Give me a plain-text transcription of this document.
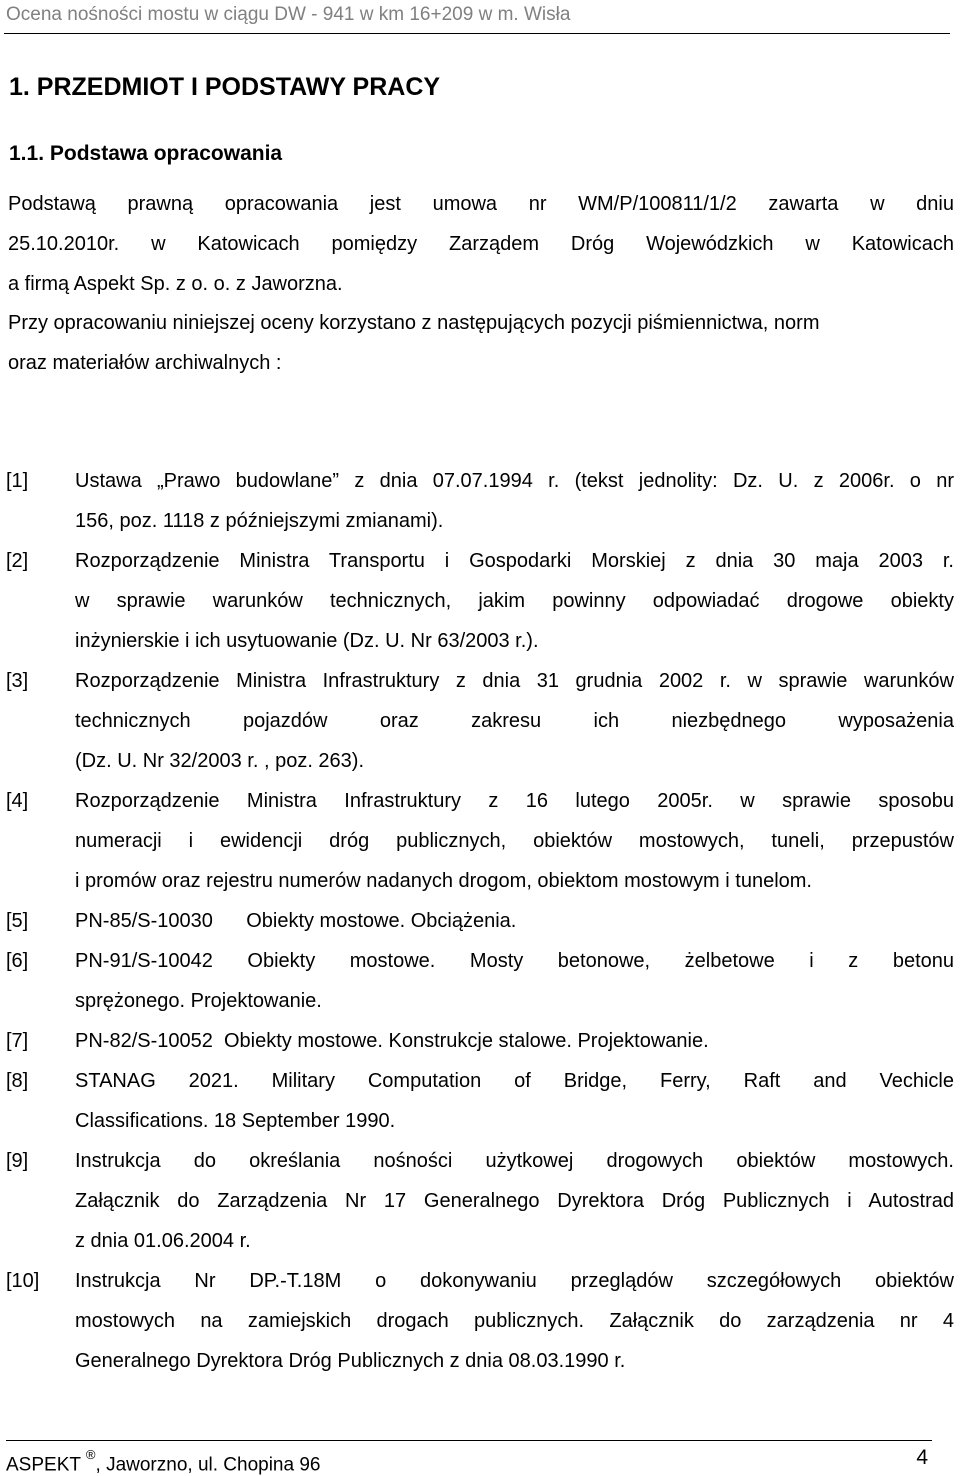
Ocena nośności mostu w ciągu DW - 941 w km 16+209 w m. Wisła
1. PRZEDMIOT I PODSTAWY PRACY
1.1. Podstawa opracowania
Podstawą prawną opracowania jest umowa nr WM/P/100811/1/2 zawarta w dniu
25.10.2010r. w Katowicach pomiędzy Zarządem Dróg Wojewódzkich w Katowicach
a firmą Aspekt Sp. z o. o. z Jaworzna.
Przy opracowaniu niniejszej oceny korzystano z następujących pozycji piśmiennictwa, norm
oraz materiałów archiwalnych :
[1]	Ustawa „Prawo budowlane” z dnia 07.07.1994 r. (tekst jednolity: Dz. U. z 2006r. o nr
156, poz. 1118 z późniejszymi zmianami).
[2]	Rozporządzenie Ministra Transportu i Gospodarki Morskiej z dnia 30 maja 2003 r.
w sprawie warunków technicznych, jakim powinny odpowiadać drogowe obiekty
inżynierskie i ich usytuowanie (Dz. U. Nr 63/2003 r.).
[3]	Rozporządzenie Ministra Infrastruktury z dnia 31 grudnia 2002 r. w sprawie warunków
technicznych pojazdów oraz zakresu ich niezbędnego wyposażenia
(Dz. U. Nr 32/2003 r. , poz. 263).
[4]	Rozporządzenie Ministra Infrastruktury z 16 lutego 2005r. w sprawie sposobu
numeracji i ewidencji dróg publicznych, obiektów mostowych, tuneli, przepustów
i promów oraz rejestru numerów nadanych drogom, obiektom mostowym i tunelom.
[5]	PN-85/S-10030      Obiekty mostowe. Obciążenia.
[6]	PN-91/S-10042 Obiekty mostowe. Mosty betonowe, żelbetowe i z betonu
sprężonego. Projektowanie.
[7]	PN-82/S-10052  Obiekty mostowe. Konstrukcje stalowe. Projektowanie.
[8]	STANAG 2021. Military Computation of Bridge, Ferry, Raft and Vechicle
Classifications. 18 September 1990.
[9]	Instrukcja do określania nośności użytkowej drogowych obiektów mostowych.
Załącznik do Zarządzenia Nr 17 Generalnego Dyrektora Dróg Publicznych i Autostrad
z dnia 01.06.2004 r.
[10]	Instrukcja Nr DP.-T.18M o dokonywaniu przeglądów szczegółowych obiektów
mostowych na zamiejskich drogach publicznych. Załącznik do zarządzenia nr 4
Generalnego Dyrektora Dróg Publicznych z dnia 08.03.1990 r.
ASPEKT ®, Jaworzno, ul. Chopina 96	4
